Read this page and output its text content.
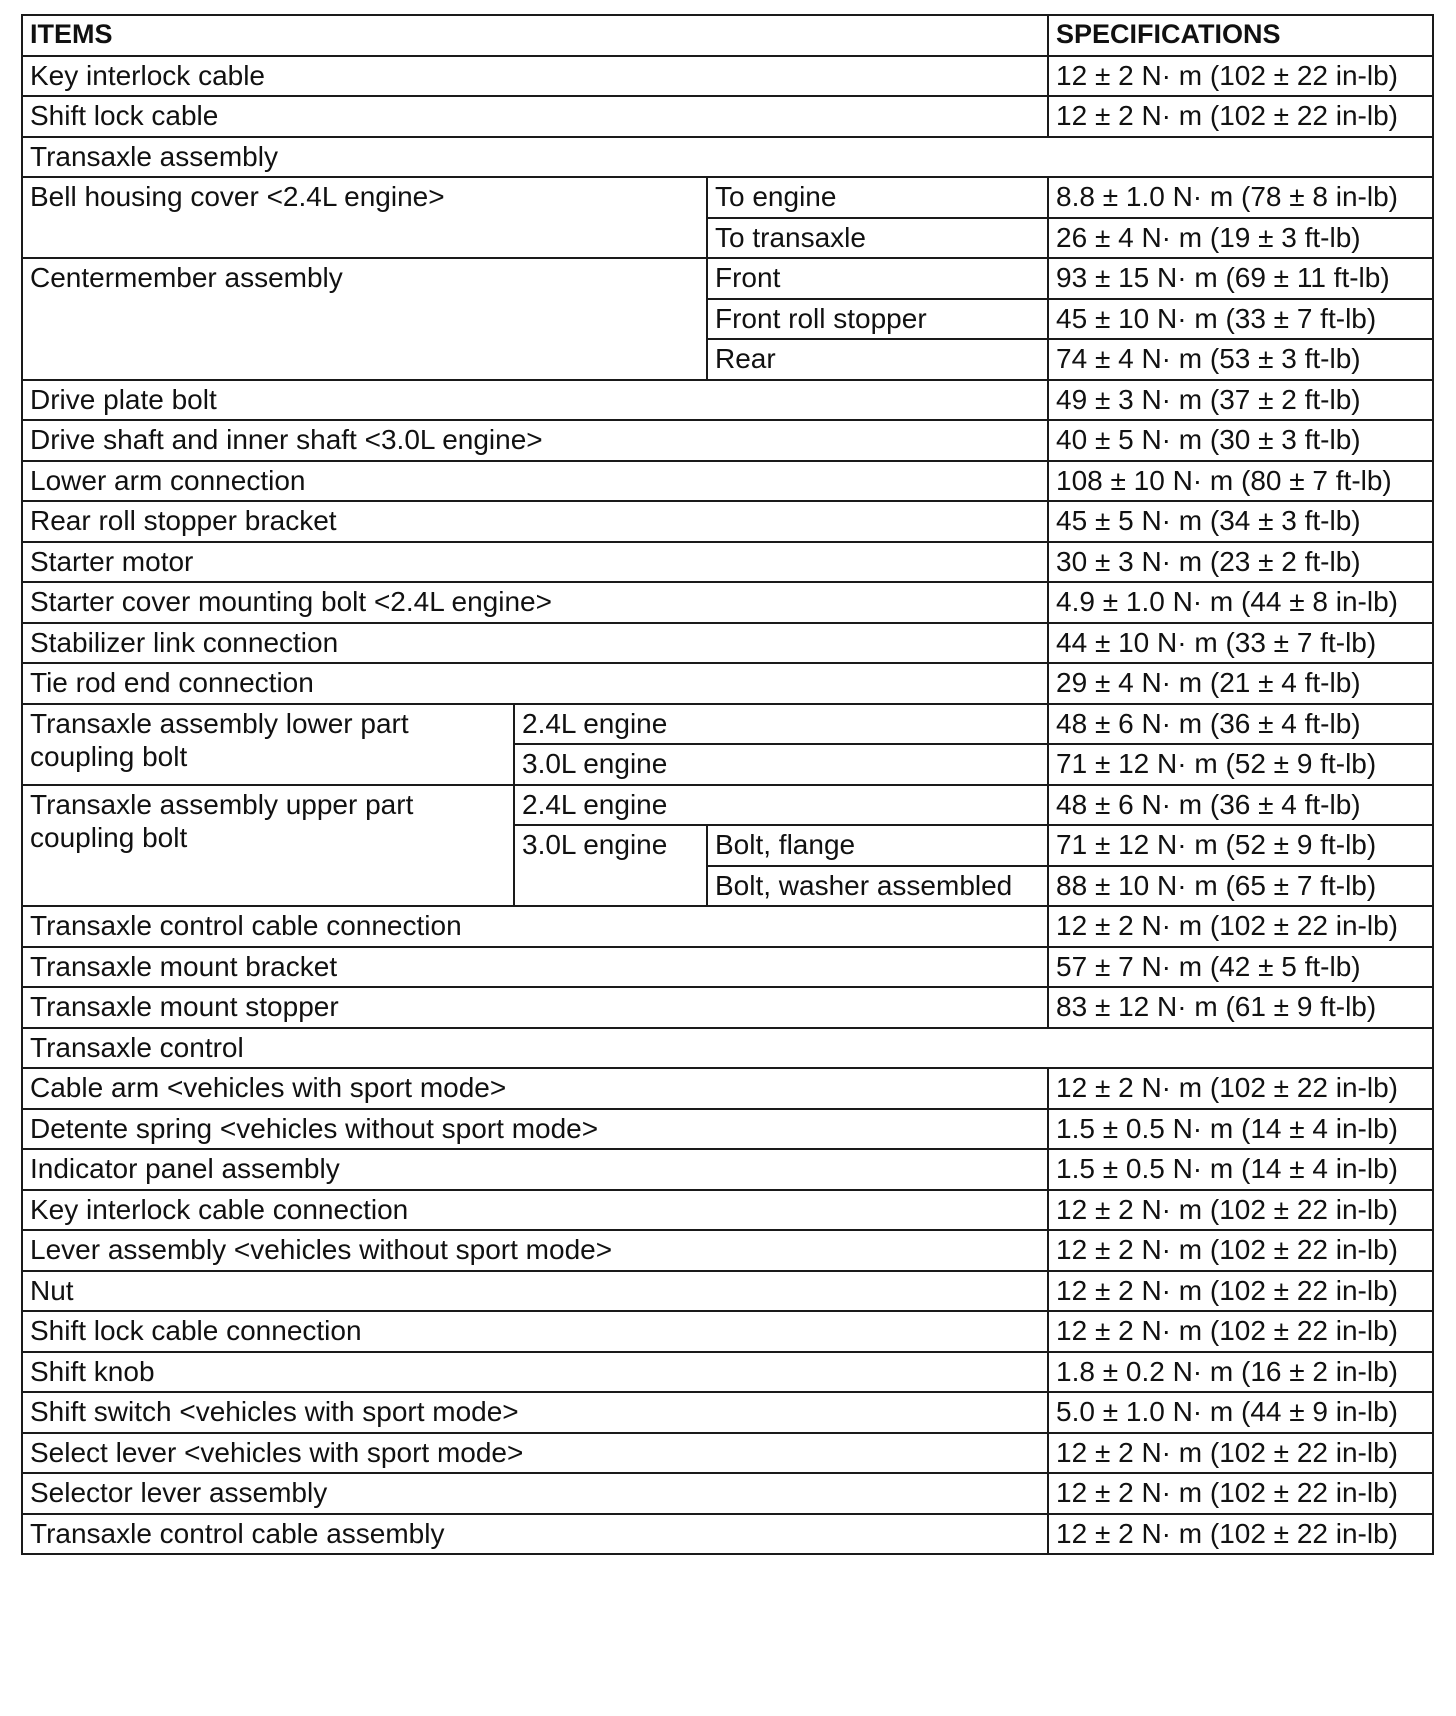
ITEMS			SPECIFICATIONS
Key interlock cable			12 ± 2 N· m (102 ± 22 in-lb)
Shift lock cable			12 ± 2 N· m (102 ± 22 in-lb)
Transaxle assembly			
Bell housing cover <2.4L engine>		To engine	8.8 ± 1.0 N· m (78 ± 8 in-lb)
		To transaxle	26 ± 4 N· m (19 ± 3 ft-lb)
Centermember assembly		Front	93 ± 15 N· m (69 ± 11 ft-lb)
		Front roll stopper	45 ± 10 N· m (33 ± 7 ft-lb)
		Rear	74 ± 4 N· m (53 ± 3 ft-lb)
Drive plate bolt			49 ± 3 N· m (37 ± 2 ft-lb)
Drive shaft and inner shaft <3.0L engine>			40 ± 5 N· m (30 ± 3 ft-lb)
Lower arm connection			108 ± 10 N· m (80 ± 7 ft-lb)
Rear roll stopper bracket			45 ± 5 N· m (34 ± 3 ft-lb)
Starter motor			30 ± 3 N· m (23 ± 2 ft-lb)
Starter cover mounting bolt <2.4L engine>			4.9 ± 1.0 N· m (44 ± 8 in-lb)
Stabilizer link connection			44 ± 10 N· m (33 ± 7 ft-lb)
Tie rod end connection			29 ± 4 N· m (21 ± 4 ft-lb)
Transaxle assembly lower part coupling bolt	2.4L engine		48 ± 6 N· m (36 ± 4 ft-lb)
	3.0L engine		71 ± 12 N· m (52 ± 9 ft-lb)
Transaxle assembly upper part coupling bolt	2.4L engine		48 ± 6 N· m (36 ± 4 ft-lb)
	3.0L engine	Bolt, flange	71 ± 12 N· m (52 ± 9 ft-lb)
		Bolt, washer assembled	88 ± 10 N· m (65 ± 7 ft-lb)
Transaxle control cable connection			12 ± 2 N· m (102 ± 22 in-lb)
Transaxle mount bracket			57 ± 7 N· m (42 ± 5 ft-lb)
Transaxle mount stopper			83 ± 12 N· m (61 ± 9 ft-lb)
Transaxle control			
Cable arm <vehicles with sport mode>			12 ± 2 N· m (102 ± 22 in-lb)
Detente spring <vehicles without sport mode>			1.5 ± 0.5 N· m (14 ± 4 in-lb)
Indicator panel assembly			1.5 ± 0.5 N· m (14 ± 4 in-lb)
Key interlock cable connection			12 ± 2 N· m (102 ± 22 in-lb)
Lever assembly <vehicles without sport mode>			12 ± 2 N· m (102 ± 22 in-lb)
Nut			12 ± 2 N· m (102 ± 22 in-lb)
Shift lock cable connection			12 ± 2 N· m (102 ± 22 in-lb)
Shift knob			1.8 ± 0.2 N· m (16 ± 2 in-lb)
Shift switch <vehicles with sport mode>			5.0 ± 1.0 N· m (44 ± 9 in-lb)
Select lever <vehicles with sport mode>			12 ± 2 N· m (102 ± 22 in-lb)
Selector lever assembly			12 ± 2 N· m (102 ± 22 in-lb)
Transaxle control cable assembly			12 ± 2 N· m (102 ± 22 in-lb)
